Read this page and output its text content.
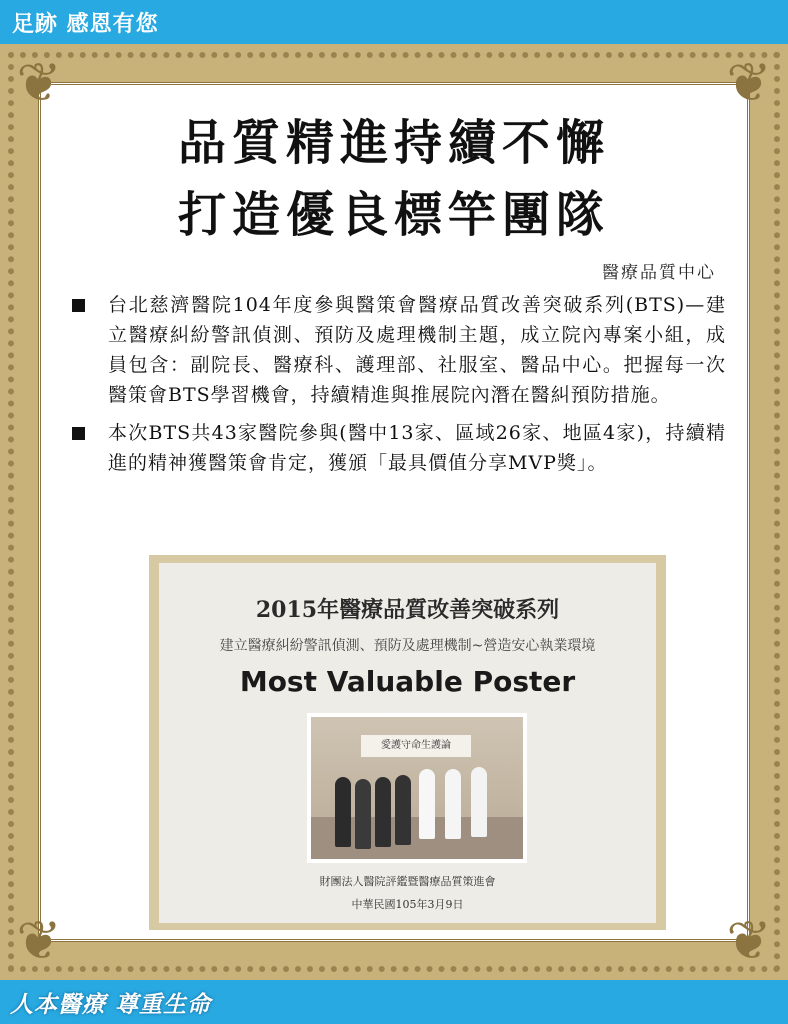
足跡 感恩有您
❦	❦
❦	❦
品質精進持續不懈
打造優良標竿團隊
醫療品質中心
台北慈濟醫院104年度參與醫策會醫療品質改善突破系列(BTS)—建立醫療糾紛警訊偵測、預防及處理機制主題，成立院內專案小組，成員包含：副院長、醫療科、護理部、社服室、醫品中心。把握每一次醫策會BTS學習機會，持續精進與推展院內潛在醫糾預防措施。
本次BTS共43家醫院參與(醫中13家、區域26家、地區4家)，持續精進的精神獲醫策會肯定，獲頒「最具價值分享MVP獎」。
2015年醫療品質改善突破系列
建立醫療糾紛警訊偵測、預防及處理機制~營造安心執業環境
Most Valuable Poster
愛護守命生護論
財團法人醫院評鑑暨醫療品質策進會
中華民國105年3月9日
人本醫療 尊重生命
